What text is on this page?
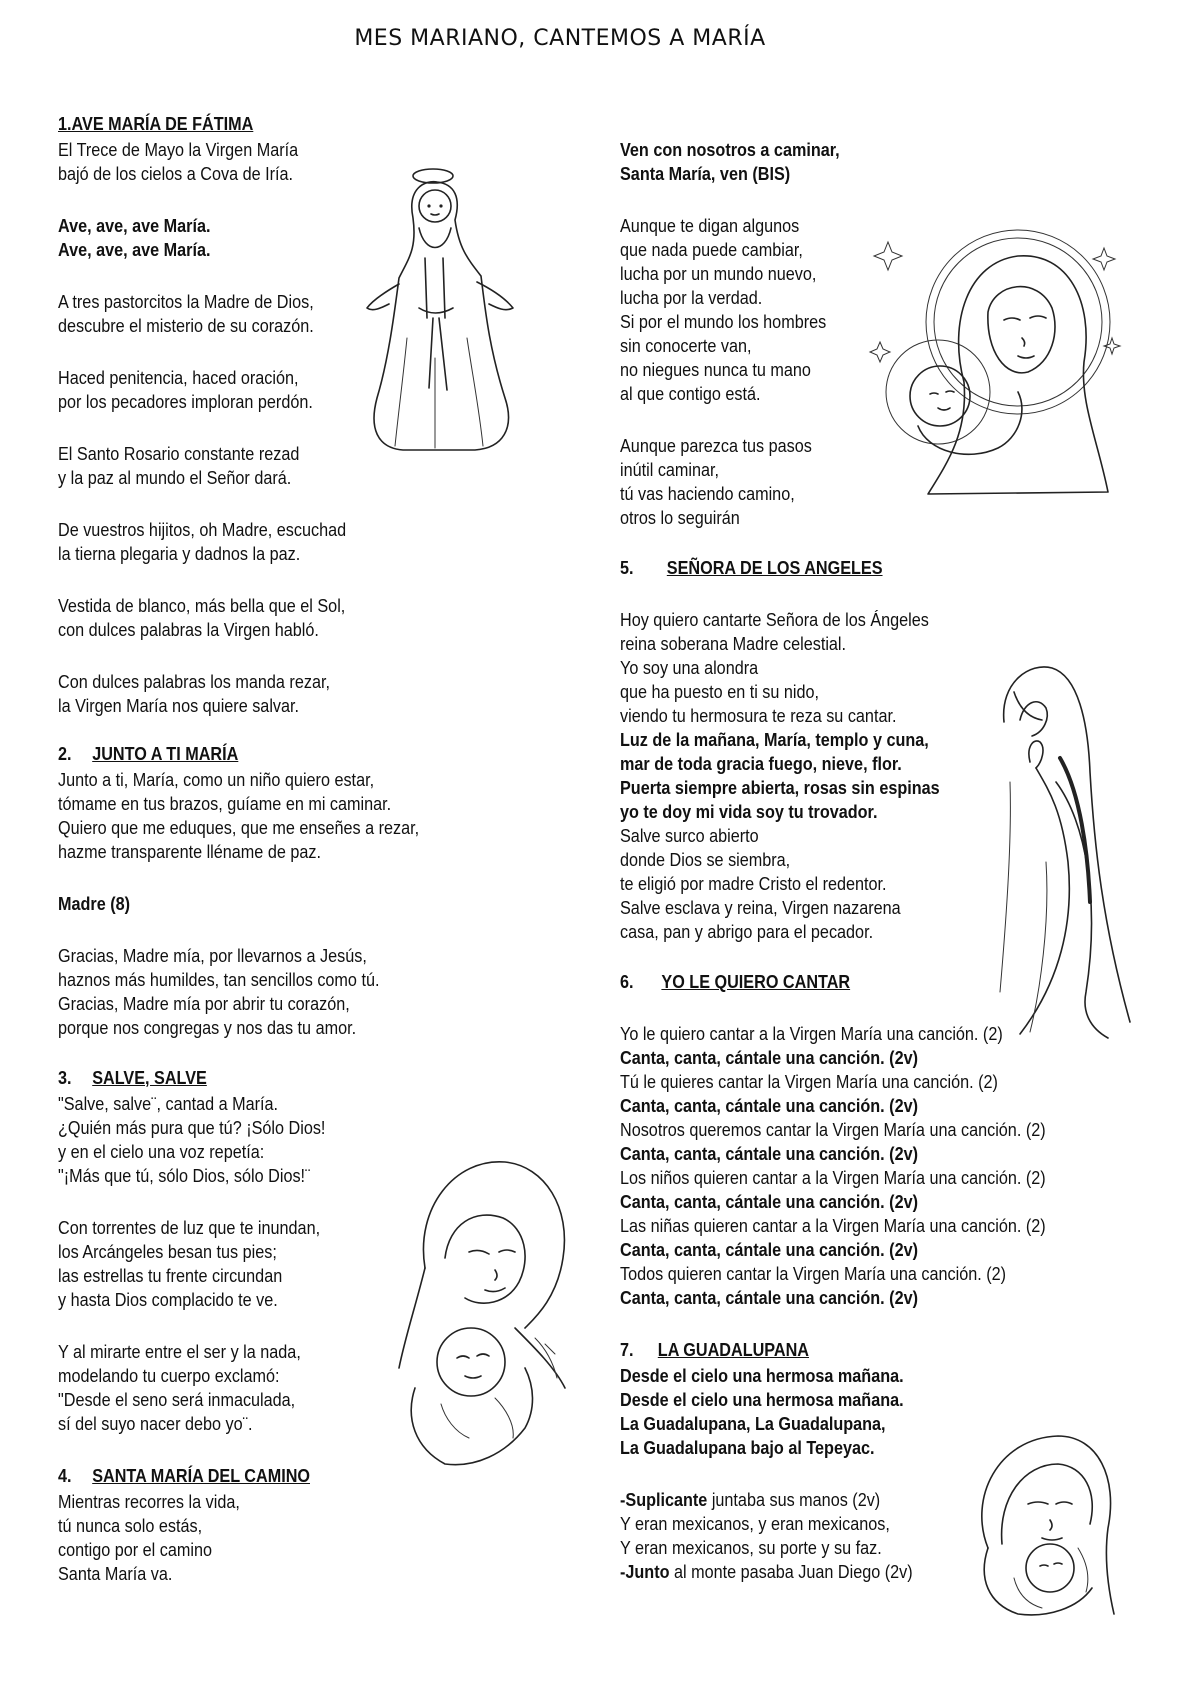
MES MARIANO, CANTEMOS A MARÍA
1.AVE MARÍA DE FÁTIMA
El Trece de Mayo la Virgen María
bajó de los cielos a Cova de Iría.
Ave, ave, ave María.
Ave, ave, ave María.
A tres pastorcitos la Madre de Dios,
descubre el misterio de su corazón.
Haced penitencia, haced oración,
por los pecadores imploran perdón.
El Santo Rosario constante rezad
y la paz al mundo el Señor dará.
De vuestros hijitos, oh Madre, escuchad
la tierna plegaria y dadnos la paz.
Vestida de blanco, más bella que el Sol,
con dulces palabras la Virgen habló.
Con dulces palabras los manda rezar,
la Virgen María nos quiere salvar.
2. JUNTO A TI MARÍA
Junto a ti, María, como un niño quiero estar,
tómame en tus brazos, guíame en mi caminar.
Quiero que me eduques, que me enseñes a rezar,
hazme transparente lléname de paz.
Madre (8)
Gracias, Madre mía, por llevarnos a Jesús,
haznos más humildes, tan sencillos como tú.
Gracias, Madre mía por abrir tu corazón,
porque nos congregas y nos das tu amor.
3. SALVE, SALVE
"Salve, salve¨, cantad a María.
¿Quién más pura que tú? ¡Sólo Dios!
y en el cielo una voz repetía:
"¡Más que tú, sólo Dios, sólo Dios!¨
Con torrentes de luz que te inundan,
los Arcángeles besan tus pies;
las estrellas tu frente circundan
y hasta Dios complacido te ve.
Y al mirarte entre el ser y la nada,
modelando tu cuerpo exclamó:
"Desde el seno será inmaculada,
sí del suyo nacer debo yo¨.
4. SANTA MARÍA DEL CAMINO
Mientras recorres la vida,
tú nunca solo estás,
contigo por el camino
Santa María va.
Ven con nosotros a caminar,
Santa María, ven (BIS)
Aunque te digan algunos
que nada puede cambiar,
lucha por un mundo nuevo,
lucha por la verdad.
Si por el mundo los hombres
sin conocerte van,
no niegues nunca tu mano
al que contigo está.
Aunque parezca tus pasos
inútil caminar,
tú vas haciendo camino,
otros lo seguirán
5. SEÑORA DE LOS ANGELES
Hoy quiero cantarte Señora de los Ángeles
reina soberana Madre celestial.
Yo soy una alondra
que ha puesto en ti su nido,
viendo tu hermosura te reza su cantar.
Luz de la mañana, María, templo y cuna,
mar de toda gracia fuego, nieve, flor.
Puerta siempre abierta, rosas sin espinas
yo te doy mi vida soy tu trovador.
Salve surco abierto
donde Dios se siembra,
te eligió por madre Cristo el redentor.
Salve esclava y reina, Virgen nazarena
casa, pan y abrigo para el pecador.
6. YO LE QUIERO CANTAR
Yo le quiero cantar a la Virgen María una canción. (2)
Canta, canta, cántale una canción. (2v)
Tú le quieres cantar la Virgen María una canción. (2)
Canta, canta, cántale una canción. (2v)
Nosotros queremos cantar la Virgen María una canción. (2)
Canta, canta, cántale una canción. (2v)
Los niños quieren cantar a la Virgen María una canción. (2)
Canta, canta, cántale una canción. (2v)
Las niñas quieren cantar a la Virgen María una canción. (2)
Canta, canta, cántale una canción. (2v)
Todos quieren cantar la Virgen María una canción. (2)
Canta, canta, cántale una canción. (2v)
7. LA GUADALUPANA
Desde el cielo una hermosa mañana.
Desde el cielo una hermosa mañana.
La Guadalupana, La Guadalupana,
La Guadalupana bajo al Tepeyac.
-Suplicante juntaba sus manos (2v)
Y eran mexicanos, y eran mexicanos,
Y eran mexicanos, su porte y su faz.
-Junto al monte pasaba Juan Diego (2v)
